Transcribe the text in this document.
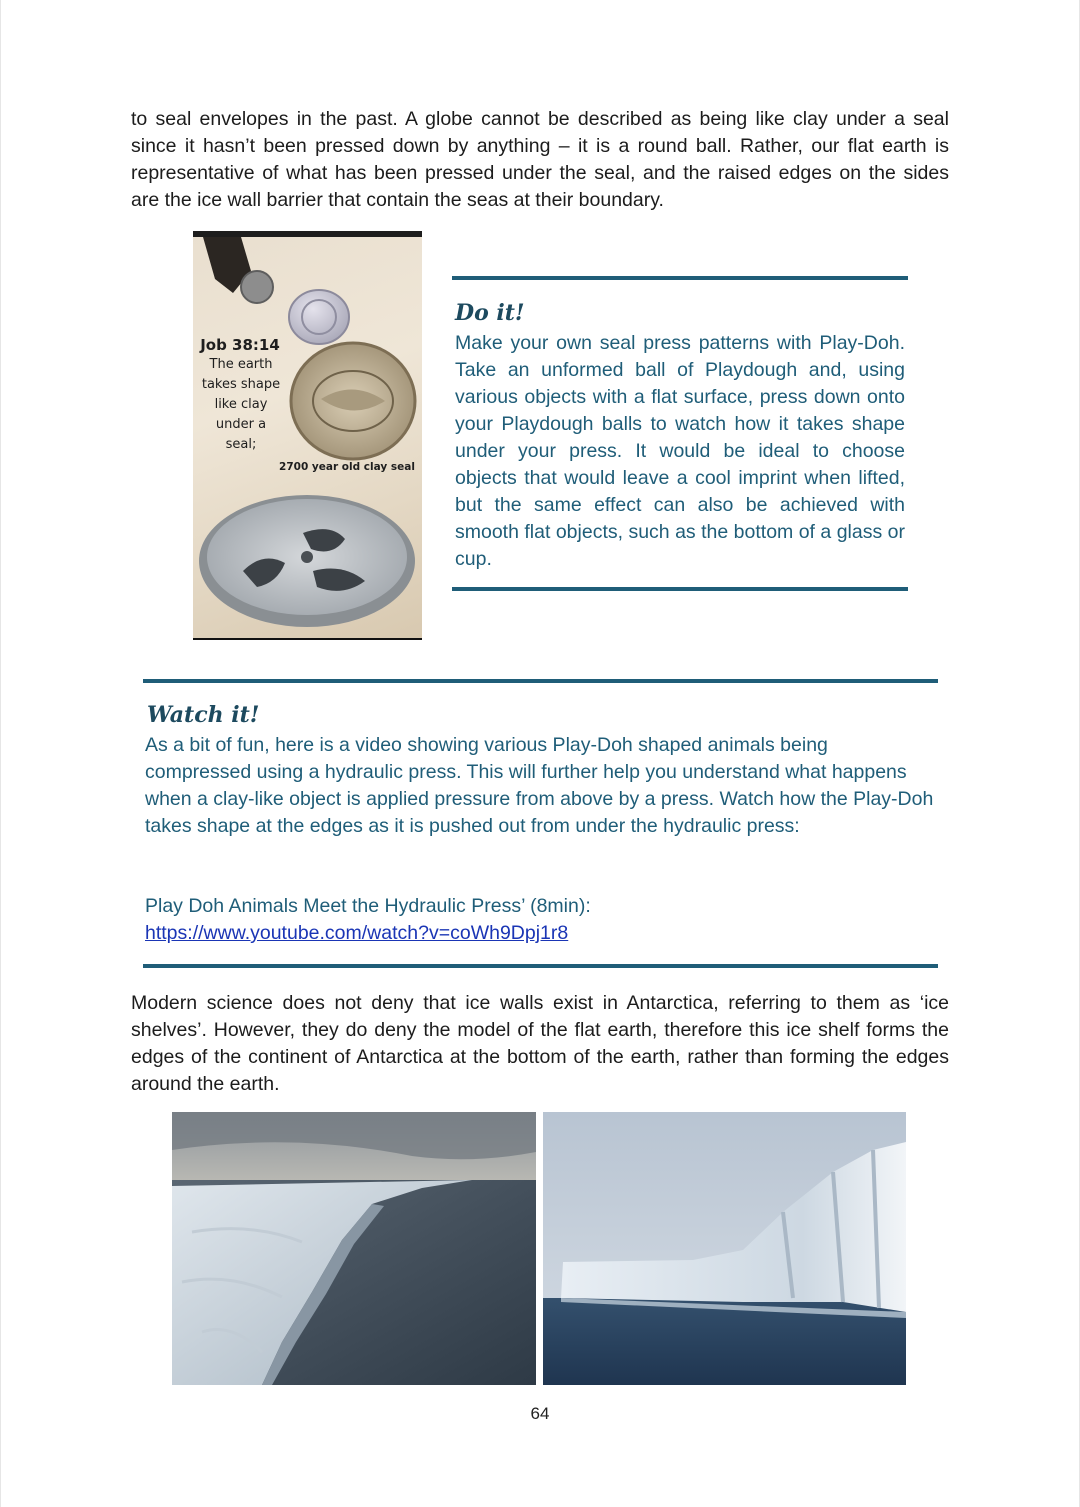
to seal envelopes in the past. A globe cannot be described as being like clay under a seal since it hasn’t been pressed down by anything – it is a round ball. Rather, our flat earth is representative of what has been pressed under the seal, and the raised edges on the sides are the ice wall barrier that contain the seas at their boundary.

Job 38:14
The earth takes shape like clay under a seal;
2700 year old clay seal
Do it!
Make your own seal press patterns with Play-Doh. Take an unformed ball of Playdough and, using various objects with a flat surface, press down onto your Playdough balls to watch how it takes shape under your press. It would be ideal to choose objects that would leave a cool imprint when lifted, but the same effect can also be achieved with smooth flat objects, such as the bottom of a glass or cup.
Watch it!
As a bit of fun, here is a video showing various Play-Doh shaped animals being compressed using a hydraulic press. This will further help you understand what happens when a clay-like object is applied pressure from above by a press. Watch how the Play-Doh takes shape at the edges as it is pushed out from under the hydraulic press:
Play Doh Animals Meet the Hydraulic Press’ (8min):
https://www.youtube.com/watch?v=coWh9Dpj1r8

Modern science does not deny that ice walls exist in Antarctica, referring to them as ‘ice shelves’. However, they do deny the model of the flat earth, therefore this ice shelf forms the edges of the continent of Antarctica at the bottom of the earth, rather than forming the edges around the earth.

64
